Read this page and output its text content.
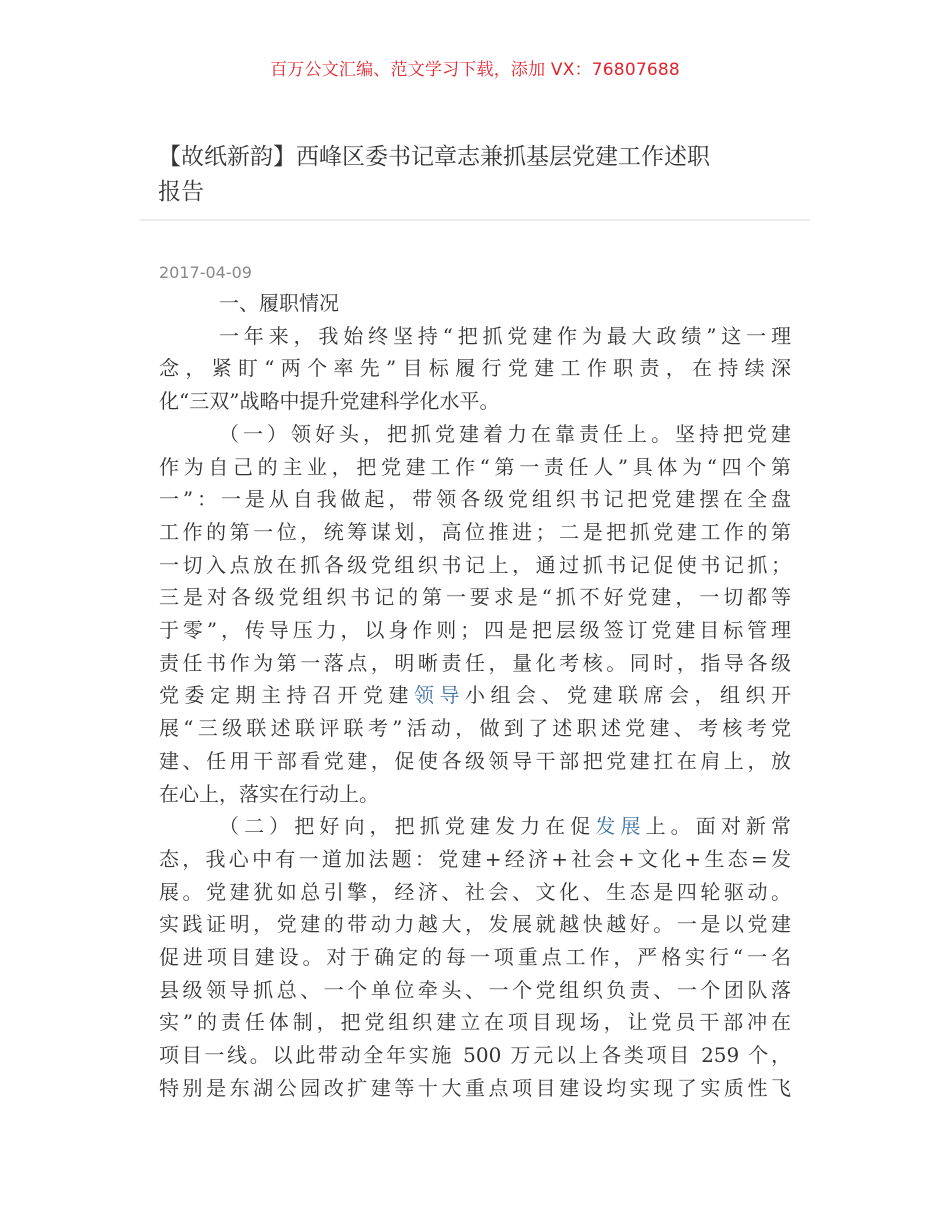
百万公文汇编、范文学习下载，添加 VX：76807688
【故纸新韵】西峰区委书记章志兼抓基层党建工作述职
报告
2017-04-09

一、履职情况

一年来，我始终坚持“把抓党建作为最大政绩”这一理
念，紧盯“两个率先”目标履行党建工作职责，在持续深
化“三双”战略中提升党建科学化水平。

（一）领好头，把抓党建着力在靠责任上。坚持把党建
作为自己的主业，把党建工作“第一责任人”具体为“四个第
一”：一是从自我做起，带领各级党组织书记把党建摆在全盘
工作的第一位，统筹谋划，高位推进；二是把抓党建工作的第
一切入点放在抓各级党组织书记上，通过抓书记促使书记抓；
三是对各级党组织书记的第一要求是“抓不好党建，一切都等
于零”，传导压力，以身作则；四是把层级签订党建目标管理
责任书作为第一落点，明晰责任，量化考核。同时，指导各级
党委定期主持召开党建领导小组会、党建联席会，组织开
展“三级联述联评联考”活动，做到了述职述党建、考核考党
建、任用干部看党建，促使各级领导干部把党建扛在肩上，放
在心上，落实在行动上。

（二）把好向，把抓党建发力在促发展上。面对新常
态，我心中有一道加法题：党建+经济+社会+文化+生态=发
展。党建犹如总引擎，经济、社会、文化、生态是四轮驱动。
实践证明，党建的带动力越大，发展就越快越好。一是以党建
促进项目建设。对于确定的每一项重点工作，严格实行“一名
县级领导抓总、一个单位牵头、一个党组织负责、一个团队落
实”的责任体制，把党组织建立在项目现场，让党员干部冲在
项目一线。以此带动全年实施 500 万元以上各类项目 259 个，
特别是东湖公园改扩建等十大重点项目建设均实现了实质性飞
